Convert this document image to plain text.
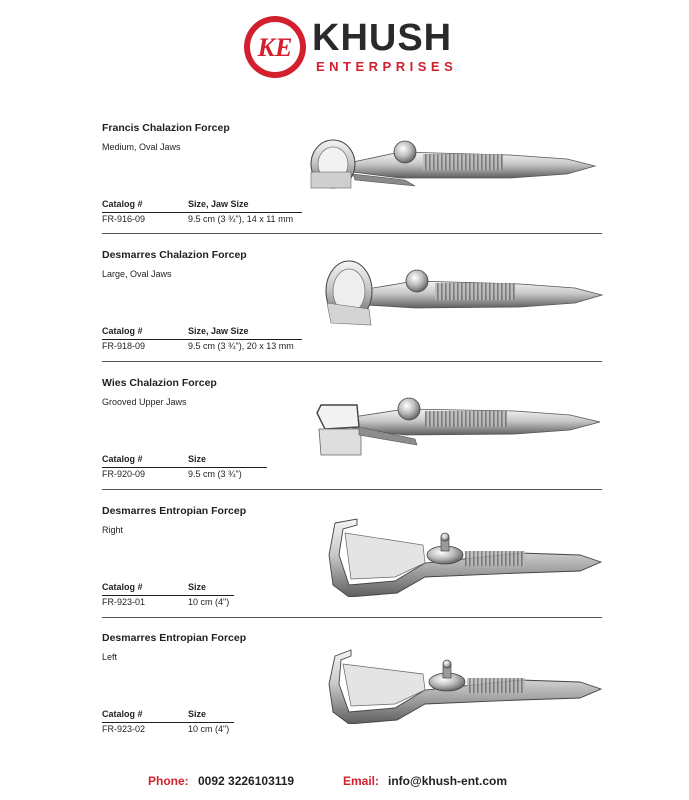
KE KHUSH
ENTERPRISES
Francis Chalazion Forcep
Medium, Oval Jaws
Catalog #	Size, Jaw Size
FR-916-09	9.5 cm (3 ¾"), 14 x 11 mm
Desmarres Chalazion Forcep
Large, Oval Jaws
Catalog #	Size, Jaw Size
FR-918-09	9.5 cm (3 ¾"), 20 x 13 mm
Wies Chalazion Forcep
Grooved Upper Jaws
Catalog #	Size
FR-920-09	9.5 cm (3 ¾")
Desmarres Entropian Forcep
Right
Catalog #	Size
FR-923-01	10 cm (4")
Desmarres Entropian Forcep
Left
Catalog #	Size
FR-923-02	10 cm (4")
Phone: 0092 3226103119	Email: info@khush-ent.com
